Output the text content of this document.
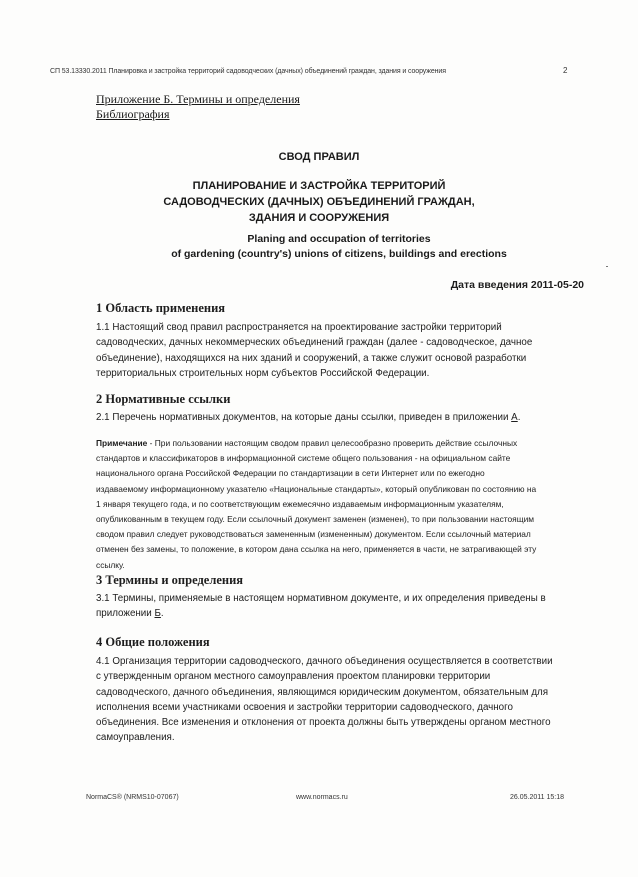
СП 53.13330.2011 Планировка и застройка территорий садоводческих (дачных) объединений граждан, здания и сооружения	2
Приложение Б. Термины и определения
Библиография
СВОД ПРАВИЛ
ПЛАНИРОВАНИЕ И ЗАСТРОЙКА ТЕРРИТОРИЙ
САДОВОДЧЕСКИХ (ДАЧНЫХ) ОБЪЕДИНЕНИЙ ГРАЖДАН,
ЗДАНИЯ И СООРУЖЕНИЯ
Planing and occupation of territories
of gardening (country's) unions of citizens, buildings and erections
Дата введения 2011-05-20
1 Область применения
1.1 Настоящий свод правил распространяется на проектирование застройки территорий
садоводческих, дачных некоммерческих объединений граждан (далее - садоводческое, дачное
объединение), находящихся на них зданий и сооружений, а также служит основой разработки
территориальных строительных норм субъектов Российской Федерации.
2 Нормативные ссылки
2.1 Перечень нормативных документов, на которые даны ссылки, приведен в приложении А.
Примечание - При пользовании настоящим сводом правил целесообразно проверить действие ссылочных
стандартов и классификаторов в информационной системе общего пользования - на официальном сайте
национального органа Российской Федерации по стандартизации в сети Интернет или по ежегодно
издаваемому информационному указателю «Национальные стандарты», который опубликован по состоянию на
1 января текущего года, и по соответствующим ежемесячно издаваемым информационным указателям,
опубликованным в текущем году. Если ссылочный документ заменен (изменен), то при пользовании настоящим
сводом правил следует руководствоваться замененным (измененным) документом. Если ссылочный материал
отменен без замены, то положение, в котором дана ссылка на него, применяется в части, не затрагивающей эту
ссылку.
3 Термины и определения
3.1 Термины, применяемые в настоящем нормативном документе, и их определения приведены в
приложении Б.
4 Общие положения
4.1 Организация территории садоводческого, дачного объединения осуществляется в соответствии
с утвержденным органом местного самоуправления проектом планировки территории
садоводческого, дачного объединения, являющимся юридическим документом, обязательным для
исполнения всеми участниками освоения и застройки территории садоводческого, дачного
объединения. Все изменения и отклонения от проекта должны быть утверждены органом местного
самоуправления.
NormaCS® (NRMS10-07067)	www.normacs.ru	26.05.2011 15:18
